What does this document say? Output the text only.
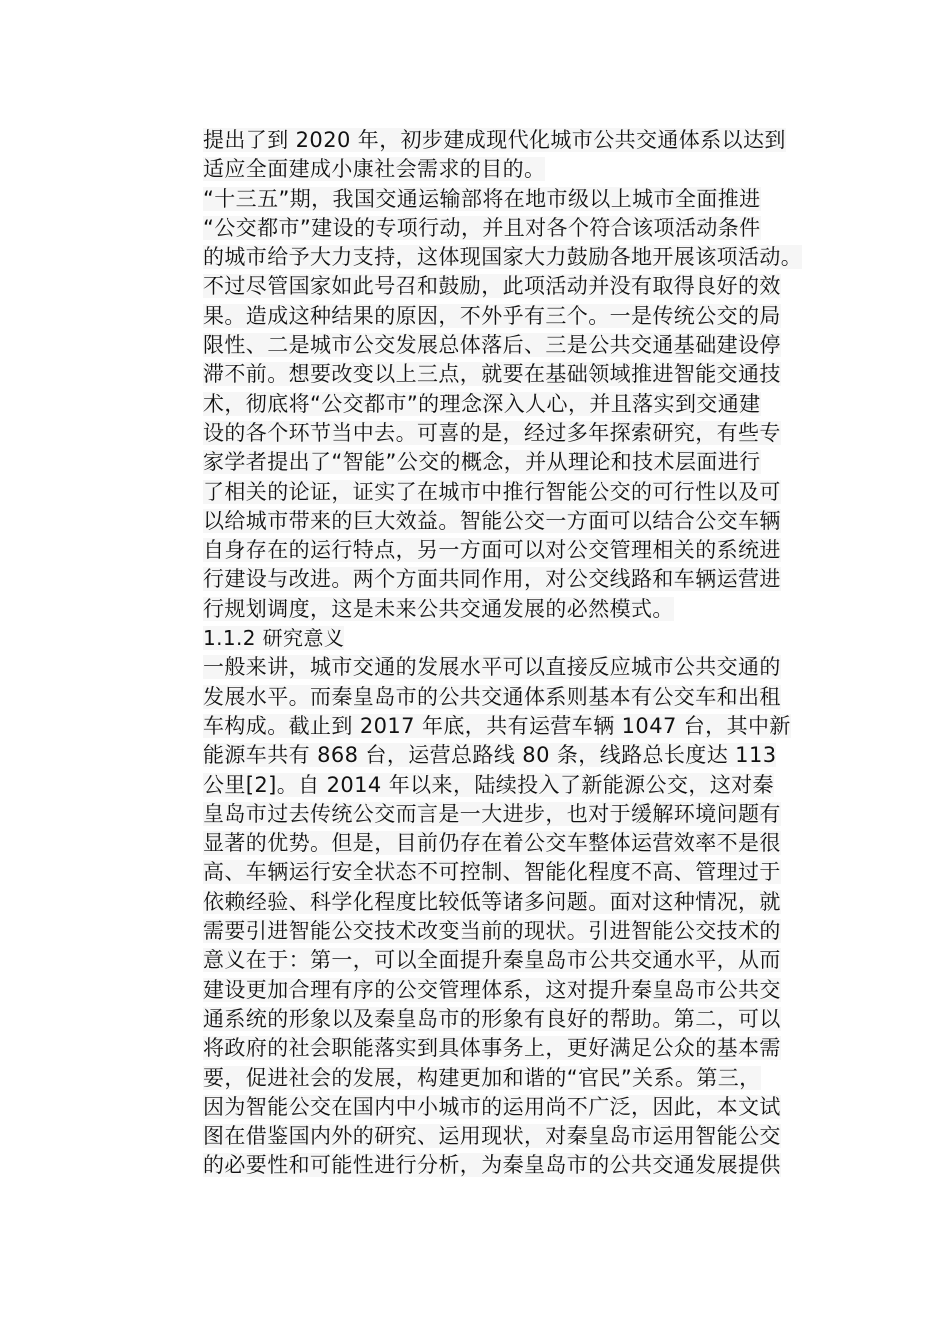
提出了到 2020 年，初步建成现代化城市公共交通体系以达到
适应全面建成小康社会需求的目的。
“十三五”期，我国交通运输部将在地市级以上城市全面推进
“公交都市”建设的专项行动，并且对各个符合该项活动条件
的城市给予大力支持，这体现国家大力鼓励各地开展该项活动。
不过尽管国家如此号召和鼓励，此项活动并没有取得良好的效
果。造成这种结果的原因，不外乎有三个。一是传统公交的局
限性、二是城市公交发展总体落后、三是公共交通基础建设停
滞不前。想要改变以上三点，就要在基础领域推进智能交通技
术，彻底将“公交都市”的理念深入人心，并且落实到交通建
设的各个环节当中去。可喜的是，经过多年探索研究，有些专
家学者提出了“智能”公交的概念，并从理论和技术层面进行
了相关的论证，证实了在城市中推行智能公交的可行性以及可
以给城市带来的巨大效益。智能公交一方面可以结合公交车辆
自身存在的运行特点，另一方面可以对公交管理相关的系统进
行建设与改进。两个方面共同作用，对公交线路和车辆运营进
行规划调度，这是未来公共交通发展的必然模式。
1.1.2 研究意义
一般来讲，城市交通的发展水平可以直接反应城市公共交通的
发展水平。而秦皇岛市的公共交通体系则基本有公交车和出租
车构成。截止到 2017 年底，共有运营车辆 1047 台，其中新
能源车共有 868 台，运营总路线 80 条，线路总长度达 113
公里[2]。自 2014 年以来，陆续投入了新能源公交，这对秦
皇岛市过去传统公交而言是一大进步，也对于缓解环境问题有
显著的优势。但是，目前仍存在着公交车整体运营效率不是很
高、车辆运行安全状态不可控制、智能化程度不高、管理过于
依赖经验、科学化程度比较低等诸多问题。面对这种情况，就
需要引进智能公交技术改变当前的现状。引进智能公交技术的
意义在于：第一，可以全面提升秦皇岛市公共交通水平，从而
建设更加合理有序的公交管理体系，这对提升秦皇岛市公共交
通系统的形象以及秦皇岛市的形象有良好的帮助。第二，可以
将政府的社会职能落实到具体事务上，更好满足公众的基本需
要，促进社会的发展，构建更加和谐的“官民”关系。第三，
因为智能公交在国内中小城市的运用尚不广泛，因此，本文试
图在借鉴国内外的研究、运用现状，对秦皇岛市运用智能公交
的必要性和可能性进行分析，为秦皇岛市的公共交通发展提供
